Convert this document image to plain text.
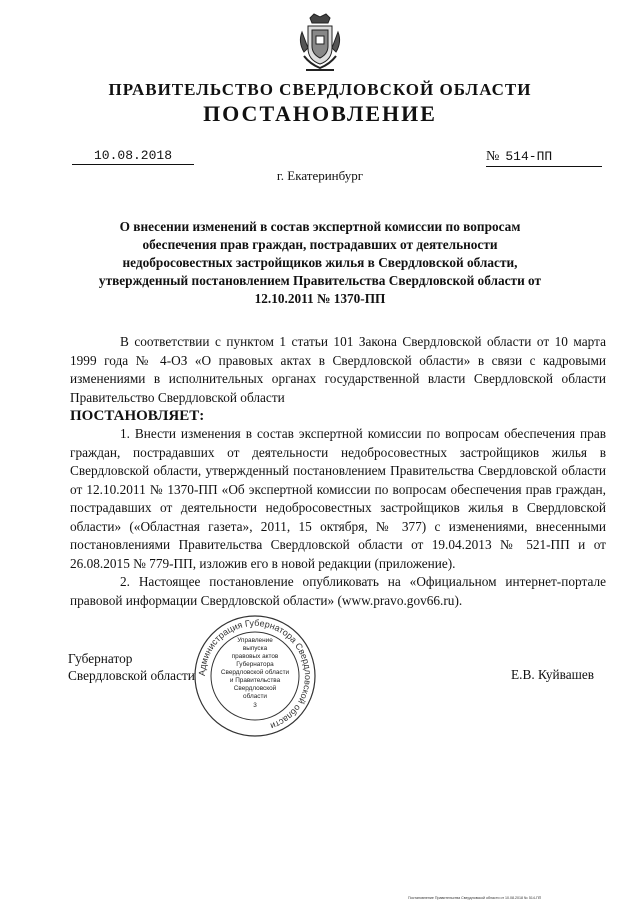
ПРАВИТЕЛЬСТВО СВЕРДЛОВСКОЙ ОБЛАСТИ
ПОСТАНОВЛЕНИЕ
10.08.2018	№ 514-ПП
г. Екатеринбург
О внесении изменений в состав экспертной комиссии по вопросам обеспечения прав граждан, пострадавших от деятельности недобросовестных застройщиков жилья в Свердловской области, утвержденный постановлением Правительства Свердловской области от 12.10.2011 № 1370-ПП

В соответствии с пунктом 1 статьи 101 Закона Свердловской области от 10 марта 1999 года № 4-ОЗ «О правовых актах в Свердловской области» в связи с кадровыми изменениями в исполнительных органах государственной власти Свердловской области Правительство Свердловской области

ПОСТАНОВЛЯЕТ:

1. Внести изменения в состав экспертной комиссии по вопросам обеспечения прав граждан, пострадавших от деятельности недобросовестных застройщиков жилья в Свердловской области, утвержденный постановлением Правительства Свердловской области от 12.10.2011 № 1370-ПП «Об экспертной комиссии по вопросам обеспечения прав граждан, пострадавших от деятельности недобросовестных застройщиков жилья в Свердловской области» («Областная газета», 2011, 15 октября, № 377) с изменениями, внесенными постановлениями Правительства Свердловской области от 19.04.2013 № 521-ПП и от 26.08.2015 № 779-ПП, изложив его в новой редакции (приложение).

2. Настоящее постановление опубликовать на «Официальном интернет-портале правовой информации Свердловской области» (www.pravo.gov66.ru).

Губернатор
Свердловской области	Е.В. Куйвашев
Администрация Губернатора Свердловской области
Управление
выпуска
правовых актов
Губернатора
Свердловской области
и Правительства
Свердловской
области
3
Постановление Правительства Свердловской области от 10.08.2018 № 514-ПП
